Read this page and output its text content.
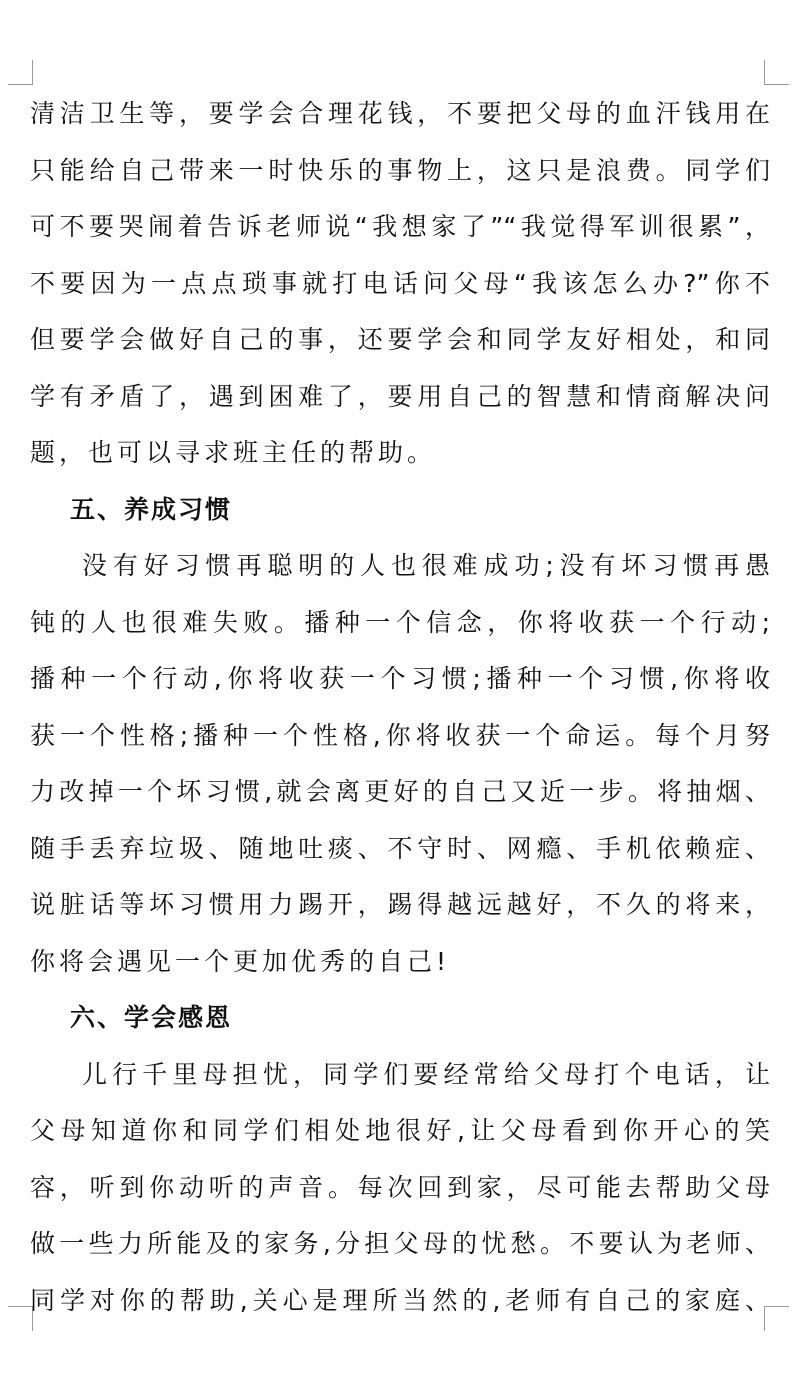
清洁卫生等，要学会合理花钱，不要把父母的血汗钱用在
只能给自己带来一时快乐的事物上，这只是浪费。同学们
可不要哭闹着告诉老师说“我想家了”“我觉得军训很累”，
不要因为一点点琐事就打电话问父母“我该怎么办?”你不
但要学会做好自己的事，还要学会和同学友好相处，和同
学有矛盾了，遇到困难了，要用自己的智慧和情商解决问
题，也可以寻求班主任的帮助。
五、养成习惯
没有好习惯再聪明的人也很难成功;没有坏习惯再愚
钝的人也很难失败。播种一个信念，你将收获一个行动;
播种一个行动,你将收获一个习惯;播种一个习惯,你将收
获一个性格;播种一个性格,你将收获一个命运。每个月努
力改掉一个坏习惯,就会离更好的自己又近一步。将抽烟、
随手丢弃垃圾、随地吐痰、不守时、网瘾、手机依赖症、
说脏话等坏习惯用力踢开，踢得越远越好，不久的将来，
你将会遇见一个更加优秀的自己!
六、学会感恩
儿行千里母担忧，同学们要经常给父母打个电话，让
父母知道你和同学们相处地很好,让父母看到你开心的笑
容，听到你动听的声音。每次回到家，尽可能去帮助父母
做一些力所能及的家务,分担父母的忧愁。不要认为老师、
同学对你的帮助,关心是理所当然的,老师有自己的家庭、
